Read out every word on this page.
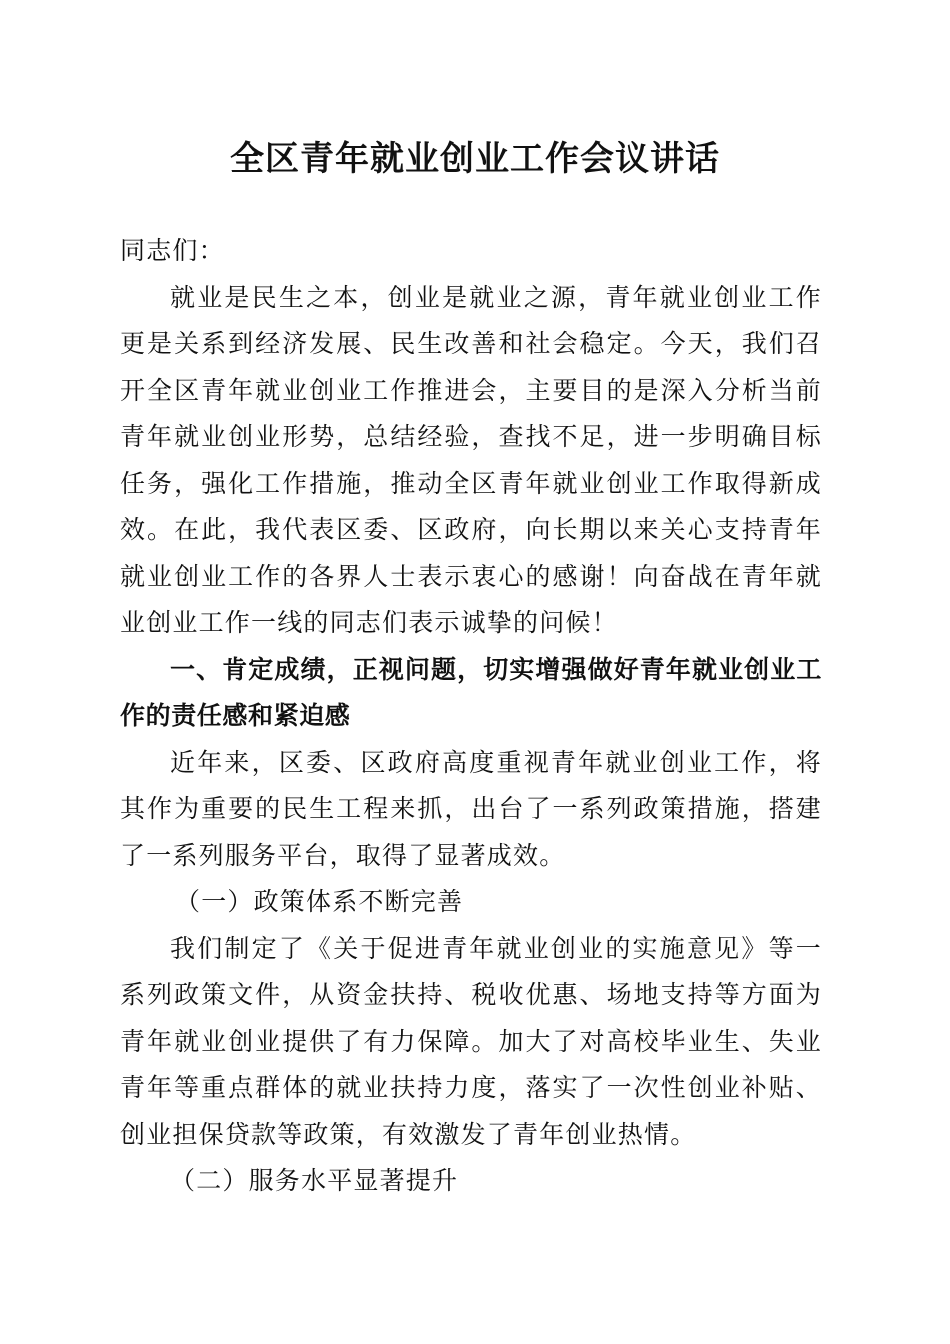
全区青年就业创业工作会议讲话

同志们：

就业是民生之本，创业是就业之源，青年就业创业工作更是关系到经济发展、民生改善和社会稳定。今天，我们召开全区青年就业创业工作推进会，主要目的是深入分析当前青年就业创业形势，总结经验，查找不足，进一步明确目标任务，强化工作措施，推动全区青年就业创业工作取得新成效。在此，我代表区委、区政府，向长期以来关心支持青年就业创业工作的各界人士表示衷心的感谢！向奋战在青年就业创业工作一线的同志们表示诚挚的问候！

一、肯定成绩，正视问题，切实增强做好青年就业创业工作的责任感和紧迫感

近年来，区委、区政府高度重视青年就业创业工作，将其作为重要的民生工程来抓，出台了一系列政策措施，搭建了一系列服务平台，取得了显著成效。

（一）政策体系不断完善

我们制定了《关于促进青年就业创业的实施意见》等一系列政策文件，从资金扶持、税收优惠、场地支持等方面为青年就业创业提供了有力保障。加大了对高校毕业生、失业青年等重点群体的就业扶持力度，落实了一次性创业补贴、创业担保贷款等政策，有效激发了青年创业热情。

（二）服务水平显著提升
